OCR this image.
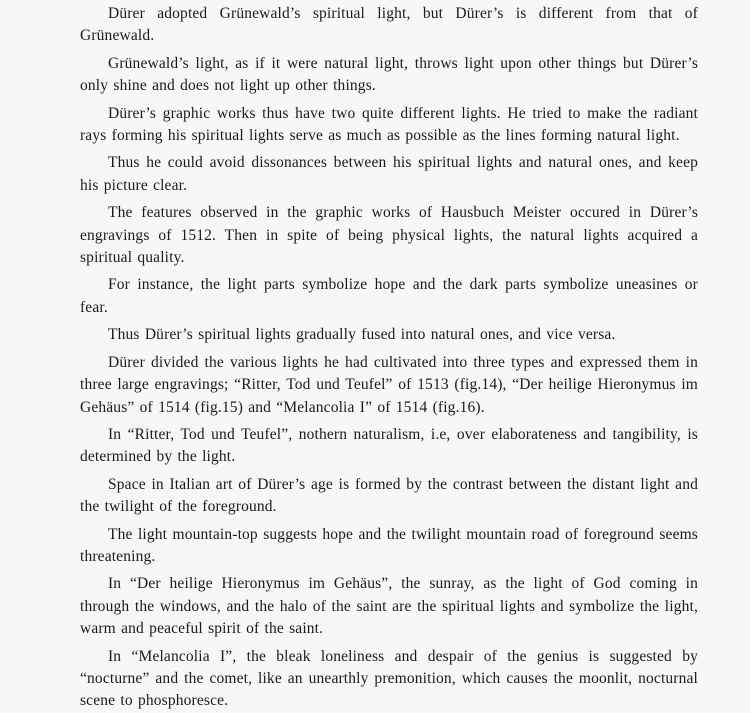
Dürer adopted Grünewald’s spiritual light, but Dürer’s is different from that of Grünewald.

Grünewald’s light, as if it were natural light, throws light upon other things but Dürer’s only shine and does not light up other things.

Dürer’s graphic works thus have two quite different lights. He tried to make the radiant rays forming his spiritual lights serve as much as possible as the lines forming natural light.

Thus he could avoid dissonances between his spiritual lights and natural ones, and keep his picture clear.

The features observed in the graphic works of Hausbuch Meister occured in Dürer’s engravings of 1512. Then in spite of being physical lights, the natural lights acquired a spiritual quality.

For instance, the light parts symbolize hope and the dark parts symbolize uneasines or fear.

Thus Dürer’s spiritual lights gradually fused into natural ones, and vice versa.

Dürer divided the various lights he had cultivated into three types and expressed them in three large engravings; “Ritter, Tod und Teufel” of 1513 (fig.14), “Der heilige Hieronymus im Gehäus” of 1514 (fig.15) and “Melancolia I” of 1514 (fig.16).

In “Ritter, Tod und Teufel”, nothern naturalism, i.e, over elaborateness and tangibility, is determined by the light.

Space in Italian art of Dürer’s age is formed by the contrast between the distant light and the twilight of the foreground.

The light mountain-top suggests hope and the twilight mountain road of foreground seems threatening.

In “Der heilige Hieronymus im Gehäus”, the sunray, as the light of God coming in through the windows, and the halo of the saint are the spiritual lights and symbolize the light, warm and peaceful spirit of the saint.

In “Melancolia I”, the bleak loneliness and despair of the genius is suggested by “nocturne” and the comet, like an unearthly premonition, which causes the moonlit, nocturnal scene to phosphoresce.
